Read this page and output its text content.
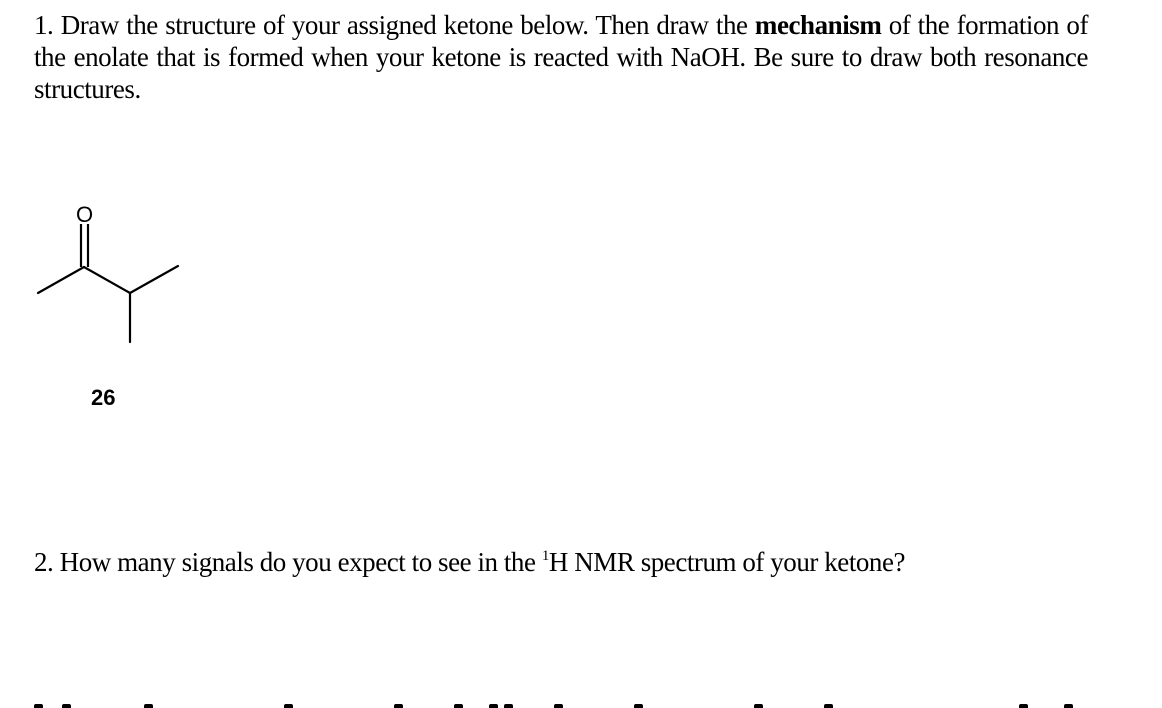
1. Draw the structure of your assigned ketone below. Then draw the mechanism of the formation of the enolate that is formed when your ketone is reacted with NaOH. Be sure to draw both resonance structures.
O
26
2. How many signals do you expect to see in the $^1$H NMR spectrum of your ketone?
